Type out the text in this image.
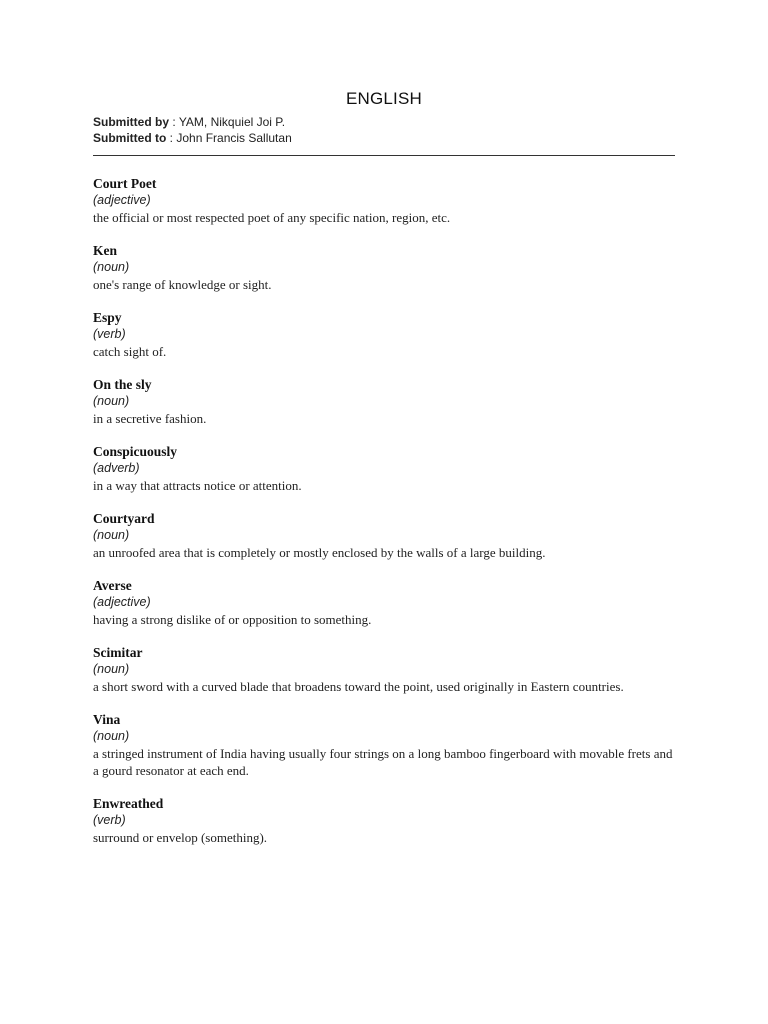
ENGLISH
Submitted by : YAM, Nikquiel Joi P.
Submitted to : John Francis Sallutan
Court Poet
(adjective)
the official or most respected poet of any specific nation, region, etc.
Ken
(noun)
one's range of knowledge or sight.
Espy
(verb)
catch sight of.
On the sly
(noun)
in a secretive fashion.
Conspicuously
(adverb)
in a way that attracts notice or attention.
Courtyard
(noun)
an unroofed area that is completely or mostly enclosed by the walls of a large building.
Averse
(adjective)
having a strong dislike of or opposition to something.
Scimitar
(noun)
a short sword with a curved blade that broadens toward the point, used originally in Eastern countries.
Vina
(noun)
a stringed instrument of India having usually four strings on a long bamboo fingerboard with movable frets and a gourd resonator at each end.
Enwreathed
(verb)
surround or envelop (something).
